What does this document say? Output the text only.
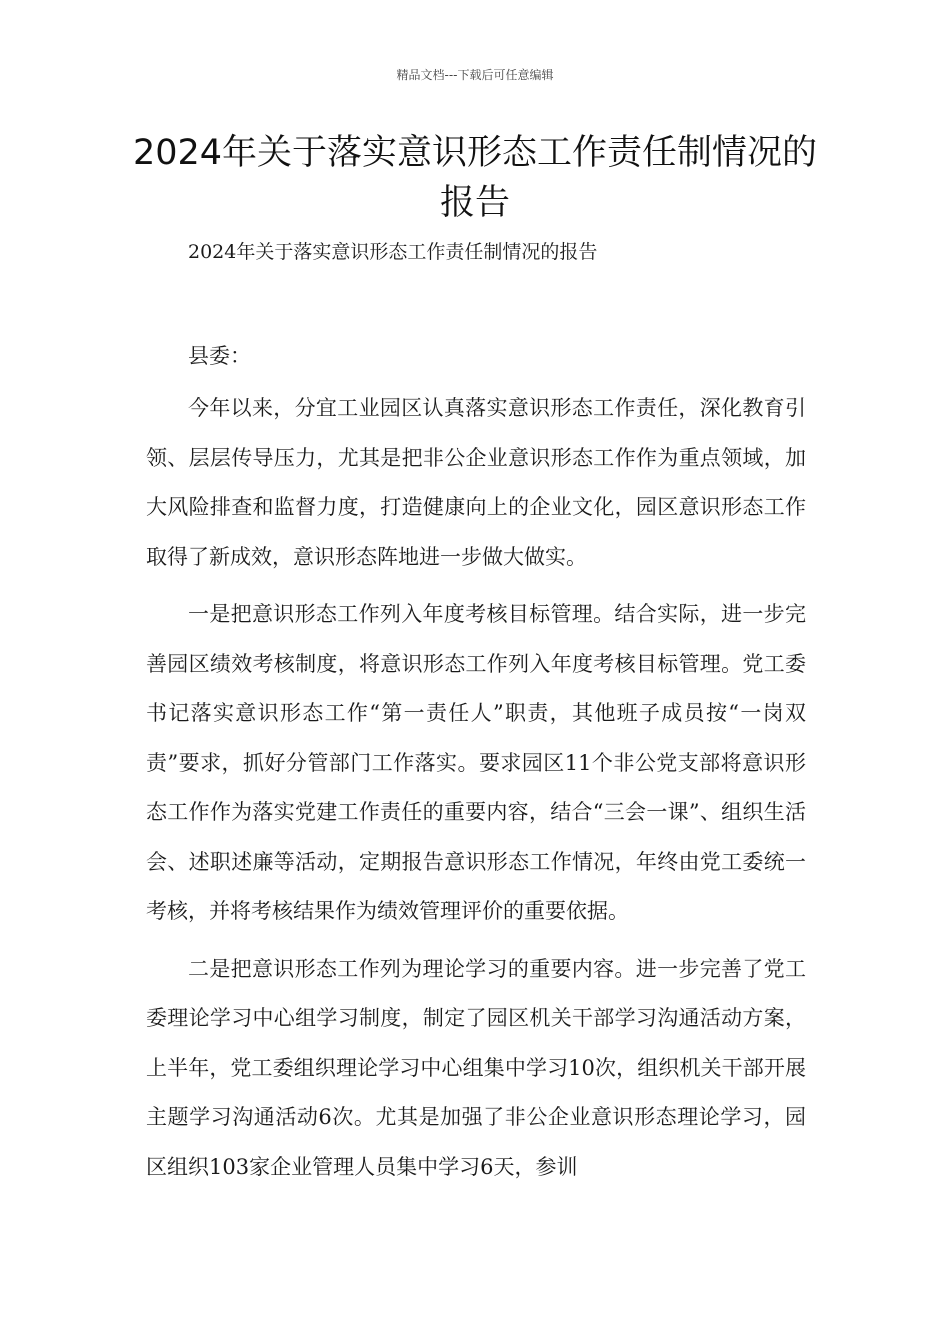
精品文档---下载后可任意编辑
2024年关于落实意识形态工作责任制情况的报告

2024年关于落实意识形态工作责任制情况的报告

县委：

今年以来，分宜工业园区认真落实意识形态工作责任，深化教育引领、层层传导压力，尤其是把非公企业意识形态工作作为重点领域，加大风险排查和监督力度，打造健康向上的企业文化，园区意识形态工作取得了新成效，意识形态阵地进一步做大做实。

一是把意识形态工作列入年度考核目标管理。结合实际，进一步完善园区绩效考核制度，将意识形态工作列入年度考核目标管理。党工委书记落实意识形态工作“第一责任人”职责，其他班子成员按“一岗双责”要求，抓好分管部门工作落实。要求园区11个非公党支部将意识形态工作作为落实党建工作责任的重要内容，结合“三会一课”、组织生活会、述职述廉等活动，定期报告意识形态工作情况，年终由党工委统一考核，并将考核结果作为绩效管理评价的重要依据。

二是把意识形态工作列为理论学习的重要内容。进一步完善了党工委理论学习中心组学习制度，制定了园区机关干部学习沟通活动方案，上半年，党工委组织理论学习中心组集中学习10次，组织机关干部开展主题学习沟通活动6次。尤其是加强了非公企业意识形态理论学习，园区组织103家企业管理人员集中学习6天，参训
